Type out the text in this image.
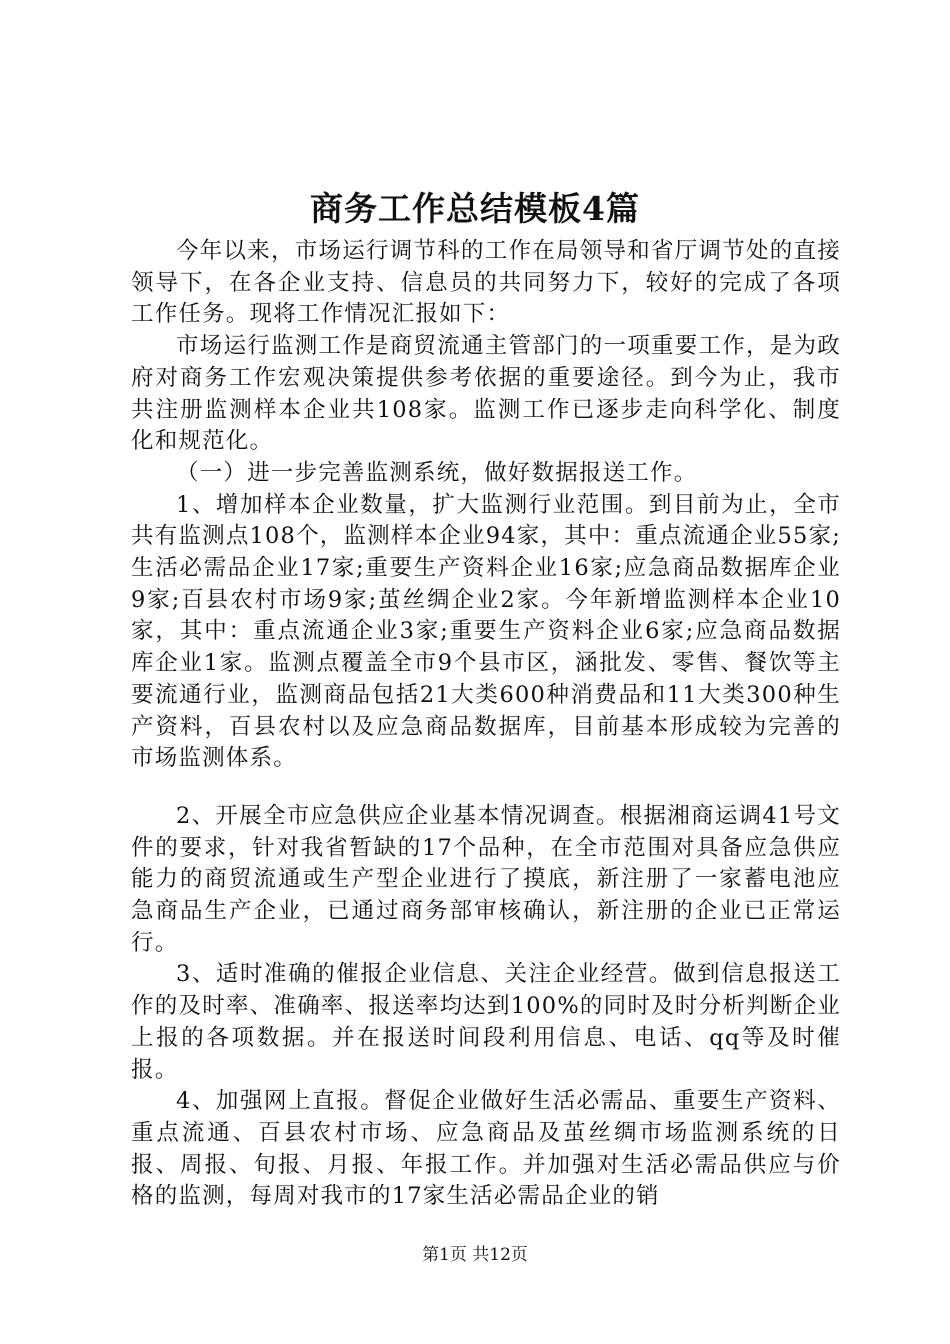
商务工作总结模板4篇

今年以来，市场运行调节科的工作在局领导和省厅调节处的直接领导下，在各企业支持、信息员的共同努力下，较好的完成了各项工作任务。现将工作情况汇报如下：

市场运行监测工作是商贸流通主管部门的一项重要工作，是为政府对商务工作宏观决策提供参考依据的重要途径。到今为止，我市共注册监测样本企业共108家。监测工作已逐步走向科学化、制度化和规范化。

（一）进一步完善监测系统，做好数据报送工作。

1、增加样本企业数量，扩大监测行业范围。到目前为止，全市共有监测点108个，监测样本企业94家，其中：重点流通企业55家;生活必需品企业17家;重要生产资料企业16家;应急商品数据库企业9家;百县农村市场9家;茧丝绸企业2家。今年新增监测样本企业10家，其中：重点流通企业3家;重要生产资料企业6家;应急商品数据库企业1家。监测点覆盖全市9个县市区，涵批发、零售、餐饮等主要流通行业，监测商品包括21大类600种消费品和11大类300种生产资料，百县农村以及应急商品数据库，目前基本形成较为完善的市场监测体系。

2、开展全市应急供应企业基本情况调查。根据湘商运调41号文件的要求，针对我省暂缺的17个品种，在全市范围对具备应急供应能力的商贸流通或生产型企业进行了摸底，新注册了一家蓄电池应急商品生产企业，已通过商务部审核确认，新注册的企业已正常运行。

3、适时准确的催报企业信息、关注企业经营。做到信息报送工作的及时率、准确率、报送率均达到100%的同时及时分析判断企业上报的各项数据。并在报送时间段利用信息、电话、qq等及时催报。

4、加强网上直报。督促企业做好生活必需品、重要生产资料、重点流通、百县农村市场、应急商品及茧丝绸市场监测系统的日报、周报、旬报、月报、年报工作。并加强对生活必需品供应与价格的监测，每周对我市的17家生活必需品企业的销

第1页 共12页
